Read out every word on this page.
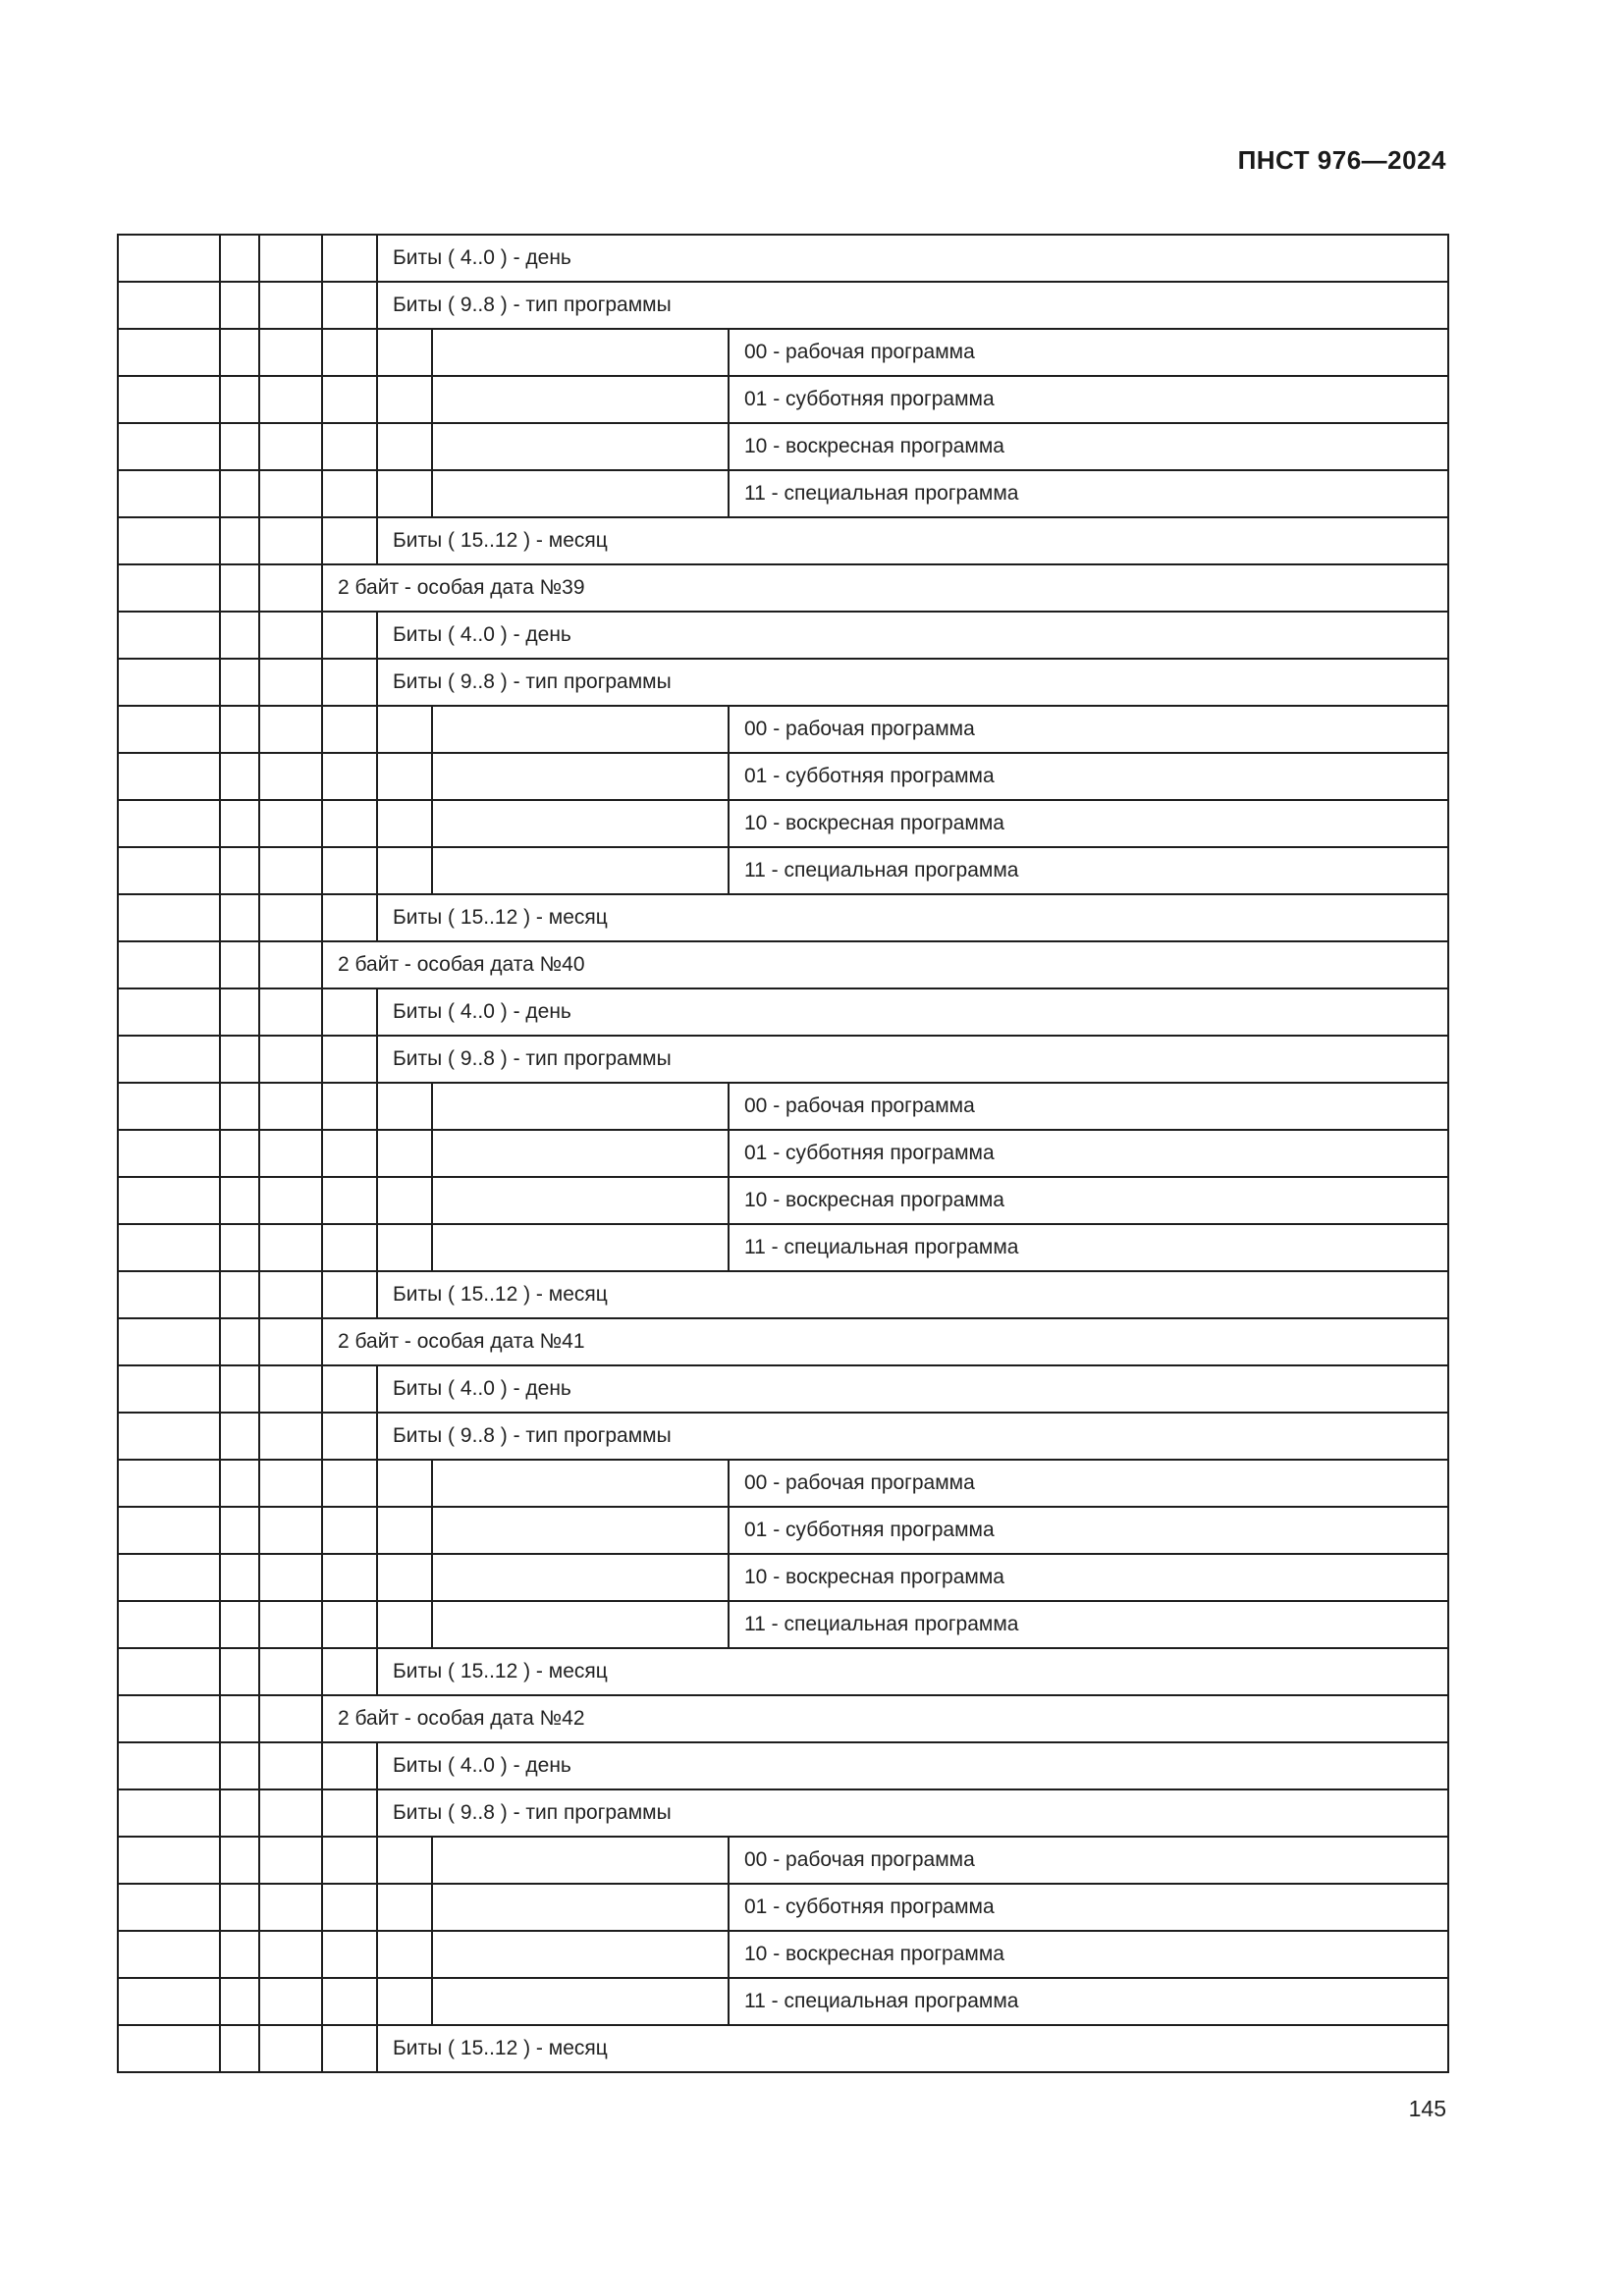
ПНСТ 976—2024
				Биты ( 4..0 ) - день		
				Биты ( 9..8 ) - тип программы		
						00 - рабочая программа
						01 - субботняя программа
						10 - воскресная программа
						11 - специальная программа
				Биты ( 15..12 ) - месяц		
			2 байт - особая дата №39			
				Биты ( 4..0 ) - день		
				Биты ( 9..8 ) - тип программы		
						00 - рабочая программа
						01 - субботняя программа
						10 - воскресная программа
						11 - специальная программа
				Биты ( 15..12 ) - месяц		
			2 байт - особая дата №40			
				Биты ( 4..0 ) - день		
				Биты ( 9..8 ) - тип программы		
						00 - рабочая программа
						01 - субботняя программа
						10 - воскресная программа
						11 - специальная программа
				Биты ( 15..12 ) - месяц		
			2 байт - особая дата №41			
				Биты ( 4..0 ) - день		
				Биты ( 9..8 ) - тип программы		
						00 - рабочая программа
						01 - субботняя программа
						10 - воскресная программа
						11 - специальная программа
				Биты ( 15..12 ) - месяц		
			2 байт - особая дата №42			
				Биты ( 4..0 ) - день		
				Биты ( 9..8 ) - тип программы		
						00 - рабочая программа
						01 - субботняя программа
						10 - воскресная программа
						11 - специальная программа
				Биты ( 15..12 ) - месяц		
145
